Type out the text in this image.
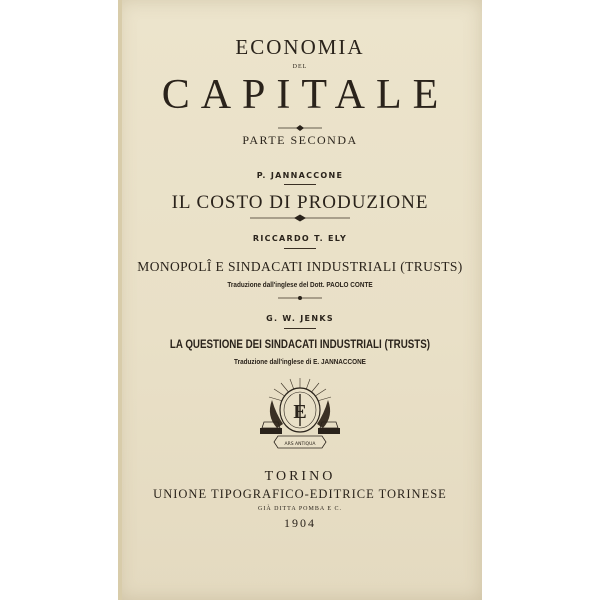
ECONOMIA
DEL
CAPITALE
PARTE SECONDA
P. JANNACCONE
IL COSTO DI PRODUZIONE
RICCARDO T. ELY
MONOPOLÎ E SINDACATI INDUSTRIALI (TRUSTS)
Traduzione dall'inglese del Dott. PAOLO CONTE
G. W. JENKS
LA QUESTIONE DEI SINDACATI INDUSTRIALI (TRUSTS)
Traduzione dall'inglese di E. JANNACCONE
E
ARS ANTIQUA
TORINO
UNIONE TIPOGRAFICO-EDITRICE TORINESE
GIÀ DITTA POMBA E C.
1904
